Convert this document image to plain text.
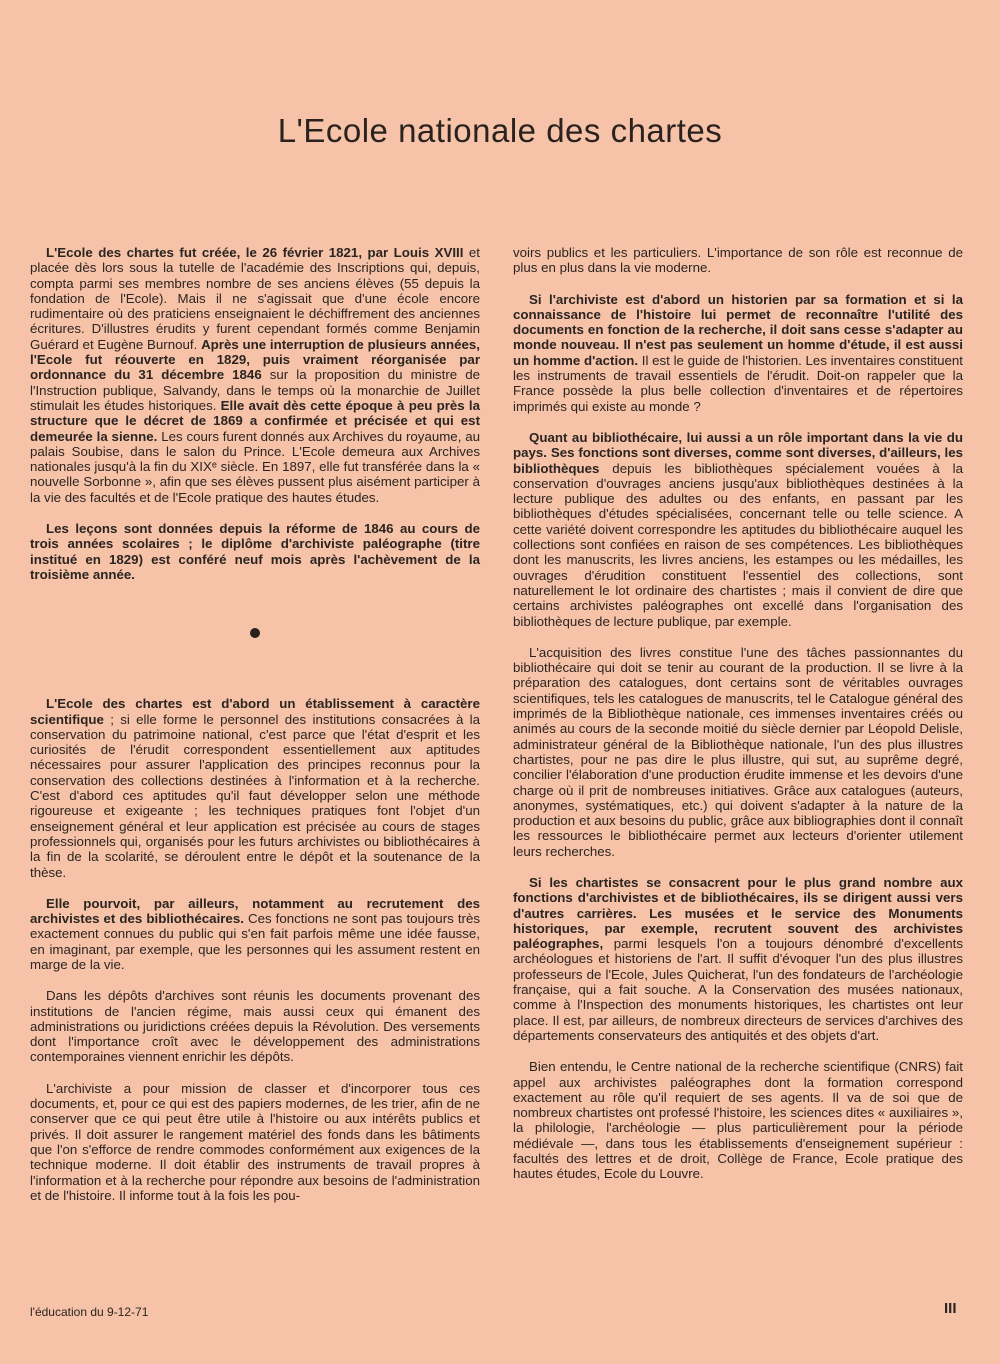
L'Ecole nationale des chartes

L'Ecole des chartes fut créée, le 26 février 1821, par Louis XVIII et placée dès lors sous la tutelle de l'académie des Inscriptions qui, depuis, compta parmi ses membres nombre de ses anciens élèves (55 depuis la fondation de l'Ecole). Mais il ne s'agissait que d'une école encore rudimentaire où des praticiens enseignaient le déchiffrement des anciennes écritures. D'illustres érudits y furent cependant formés comme Benjamin Guérard et Eugène Burnouf. Après une interruption de plusieurs années, l'Ecole fut réouverte en 1829, puis vraiment réorganisée par ordonnance du 31 décembre 1846 sur la proposition du ministre de l'Instruction publique, Salvandy, dans le temps où la monarchie de Juillet stimulait les études historiques. Elle avait dès cette époque à peu près la structure que le décret de 1869 a confirmée et précisée et qui est demeurée la sienne. Les cours furent donnés aux Archives du royaume, au palais Soubise, dans le salon du Prince. L'Ecole demeura aux Archives nationales jusqu'à la fin du XIXᵉ siècle. En 1897, elle fut transférée dans la « nouvelle Sorbonne », afin que ses élèves pussent plus aisément participer à la vie des facultés et de l'Ecole pratique des hautes études.

Les leçons sont données depuis la réforme de 1846 au cours de trois années scolaires ; le diplôme d'archiviste paléographe (titre institué en 1829) est conféré neuf mois après l'achèvement de la troisième année.

L'Ecole des chartes est d'abord un établissement à caractère scientifique ; si elle forme le personnel des institutions consacrées à la conservation du patrimoine national, c'est parce que l'état d'esprit et les curiosités de l'érudit correspondent essentiellement aux aptitudes nécessaires pour assurer l'application des principes reconnus pour la conservation des collections destinées à l'information et à la recherche. C'est d'abord ces aptitudes qu'il faut développer selon une méthode rigoureuse et exigeante ; les techniques pratiques font l'objet d'un enseignement général et leur application est précisée au cours de stages professionnels qui, organisés pour les futurs archivistes ou bibliothécaires à la fin de la scolarité, se déroulent entre le dépôt et la soutenance de la thèse.

Elle pourvoit, par ailleurs, notamment au recrutement des archivistes et des bibliothécaires. Ces fonctions ne sont pas toujours très exactement connues du public qui s'en fait parfois même une idée fausse, en imaginant, par exemple, que les personnes qui les assument restent en marge de la vie.

Dans les dépôts d'archives sont réunis les documents provenant des institutions de l'ancien régime, mais aussi ceux qui émanent des administrations ou juridictions créées depuis la Révolution. Des versements dont l'importance croît avec le développement des administrations contemporaines viennent enrichir les dépôts.

L'archiviste a pour mission de classer et d'incorporer tous ces documents, et, pour ce qui est des papiers modernes, de les trier, afin de ne conserver que ce qui peut être utile à l'histoire ou aux intérêts publics et privés. Il doit assurer le rangement matériel des fonds dans les bâtiments que l'on s'efforce de rendre commodes conformément aux exigences de la technique moderne. Il doit établir des instruments de travail propres à l'information et à la recherche pour répondre aux besoins de l'administration et de l'histoire. Il informe tout à la fois les pou-

voirs publics et les particuliers. L'importance de son rôle est reconnue de plus en plus dans la vie moderne.

Si l'archiviste est d'abord un historien par sa formation et si la connaissance de l'histoire lui permet de reconnaître l'utilité des documents en fonction de la recherche, il doit sans cesse s'adapter au monde nouveau. Il n'est pas seulement un homme d'étude, il est aussi un homme d'action. Il est le guide de l'historien. Les inventaires constituent les instruments de travail essentiels de l'érudit. Doit-on rappeler que la France possède la plus belle collection d'inventaires et de répertoires imprimés qui existe au monde ?

Quant au bibliothécaire, lui aussi a un rôle important dans la vie du pays. Ses fonctions sont diverses, comme sont diverses, d'ailleurs, les bibliothèques depuis les bibliothèques spécialement vouées à la conservation d'ouvrages anciens jusqu'aux bibliothèques destinées à la lecture publique des adultes ou des enfants, en passant par les bibliothèques d'études spécialisées, concernant telle ou telle science. A cette variété doivent correspondre les aptitudes du bibliothécaire auquel les collections sont confiées en raison de ses compétences. Les bibliothèques dont les manuscrits, les livres anciens, les estampes ou les médailles, les ouvrages d'érudition constituent l'essentiel des collections, sont naturellement le lot ordinaire des chartistes ; mais il convient de dire que certains archivistes paléographes ont excellé dans l'organisation des bibliothèques de lecture publique, par exemple.

L'acquisition des livres constitue l'une des tâches passionnantes du bibliothécaire qui doit se tenir au courant de la production. Il se livre à la préparation des catalogues, dont certains sont de véritables ouvrages scientifiques, tels les catalogues de manuscrits, tel le Catalogue général des imprimés de la Bibliothèque nationale, ces immenses inventaires créés ou animés au cours de la seconde moitié du siècle dernier par Léopold Delisle, administrateur général de la Bibliothèque nationale, l'un des plus illustres chartistes, pour ne pas dire le plus illustre, qui sut, au suprême degré, concilier l'élaboration d'une production érudite immense et les devoirs d'une charge où il prit de nombreuses initiatives. Grâce aux catalogues (auteurs, anonymes, systématiques, etc.) qui doivent s'adapter à la nature de la production et aux besoins du public, grâce aux bibliographies dont il connaît les ressources le bibliothécaire permet aux lecteurs d'orienter utilement leurs recherches.

Si les chartistes se consacrent pour le plus grand nombre aux fonctions d'archivistes et de bibliothécaires, ils se dirigent aussi vers d'autres carrières. Les musées et le service des Monuments historiques, par exemple, recrutent souvent des archivistes paléographes, parmi lesquels l'on a toujours dénombré d'excellents archéologues et historiens de l'art. Il suffit d'évoquer l'un des plus illustres professeurs de l'Ecole, Jules Quicherat, l'un des fondateurs de l'archéologie française, qui a fait souche. A la Conservation des musées nationaux, comme à l'Inspection des monuments historiques, les chartistes ont leur place. Il est, par ailleurs, de nombreux directeurs de services d'archives des départements conservateurs des antiquités et des objets d'art.

Bien entendu, le Centre national de la recherche scientifique (CNRS) fait appel aux archivistes paléographes dont la formation correspond exactement au rôle qu'il requiert de ses agents. Il va de soi que de nombreux chartistes ont professé l'histoire, les sciences dites « auxiliaires », la philologie, l'archéologie — plus particulièrement pour la période médiévale —, dans tous les établissements d'enseignement supérieur : facultés des lettres et de droit, Collège de France, Ecole pratique des hautes études, Ecole du Louvre.

l'éducation du 9-12-71	III
